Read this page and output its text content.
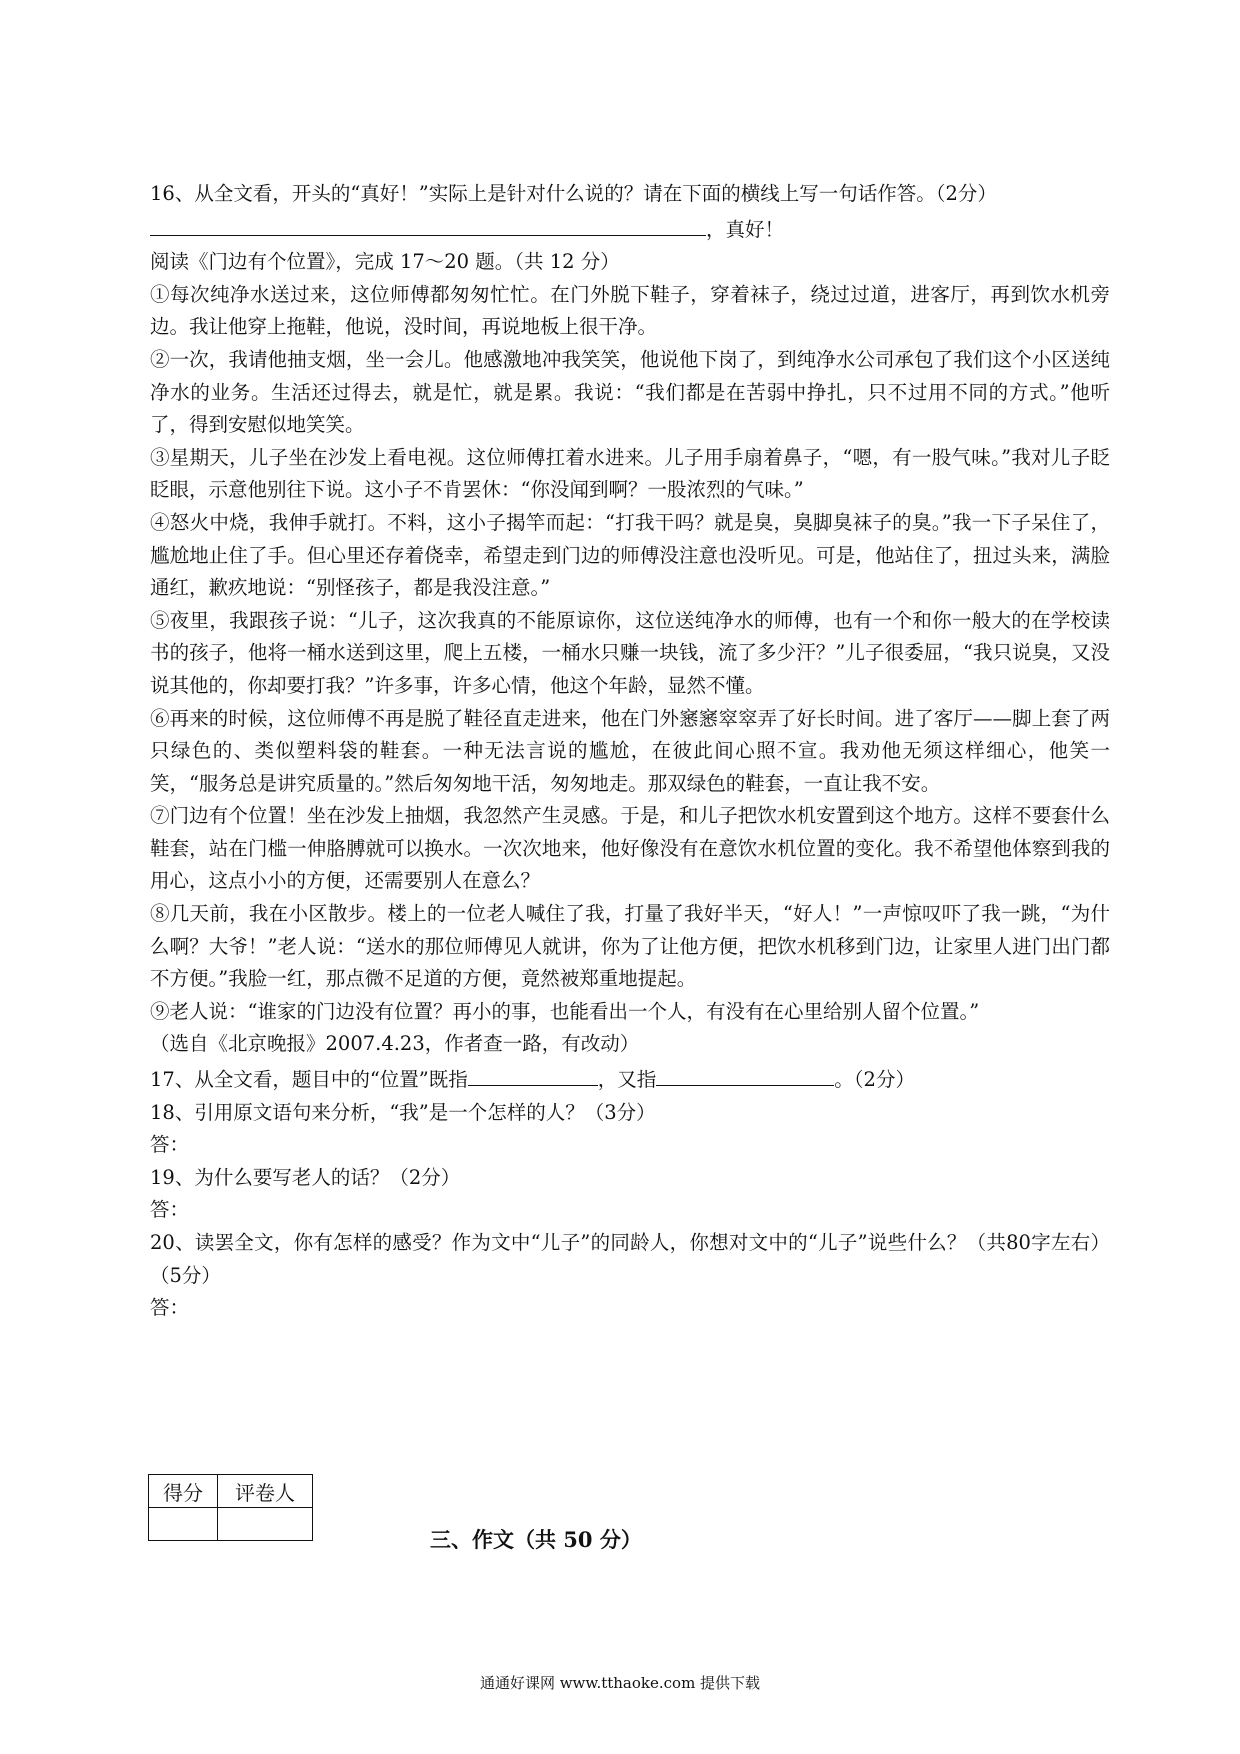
16、从全文看，开头的“真好！”实际上是针对什么说的？请在下面的横线上写一句话作答。（2分）
，真好！
阅读《门边有个位置》，完成 17～20 题。（共 12 分）
①每次纯净水送过来，这位师傅都匆匆忙忙。在门外脱下鞋子，穿着袜子，绕过过道，进客厅，再到饮水机旁边。我让他穿上拖鞋，他说，没时间，再说地板上很干净。
②一次，我请他抽支烟，坐一会儿。他感激地冲我笑笑，他说他下岗了，到纯净水公司承包了我们这个小区送纯净水的业务。生活还过得去，就是忙，就是累。我说：“我们都是在苦弱中挣扎，只不过用不同的方式。”他听了，得到安慰似地笑笑。
③星期天，儿子坐在沙发上看电视。这位师傅扛着水进来。儿子用手扇着鼻子，“嗯，有一股气味。”我对儿子眨眨眼，示意他别往下说。这小子不肯罢休：“你没闻到啊？一股浓烈的气味。”
④怒火中烧，我伸手就打。不料，这小子揭竿而起：“打我干吗？就是臭，臭脚臭袜子的臭。”我一下子呆住了，尴尬地止住了手。但心里还存着侥幸，希望走到门边的师傅没注意也没听见。可是，他站住了，扭过头来，满脸通红，歉疚地说：“别怪孩子，都是我没注意。”
⑤夜里，我跟孩子说：“儿子，这次我真的不能原谅你，这位送纯净水的师傅，也有一个和你一般大的在学校读书的孩子，他将一桶水送到这里，爬上五楼，一桶水只赚一块钱，流了多少汗？”儿子很委屈，“我只说臭，又没说其他的，你却要打我？”许多事，许多心情，他这个年龄，显然不懂。
⑥再来的时候，这位师傅不再是脱了鞋径直走进来，他在门外窸窸窣窣弄了好长时间。进了客厅——脚上套了两只绿色的、类似塑料袋的鞋套。一种无法言说的尴尬，在彼此间心照不宣。我劝他无须这样细心，他笑一笑，“服务总是讲究质量的。”然后匆匆地干活，匆匆地走。那双绿色的鞋套，一直让我不安。
⑦门边有个位置！坐在沙发上抽烟，我忽然产生灵感。于是，和儿子把饮水机安置到这个地方。这样不要套什么鞋套，站在门槛一伸胳膊就可以换水。一次次地来，他好像没有在意饮水机位置的变化。我不希望他体察到我的用心，这点小小的方便，还需要别人在意么？
⑧几天前，我在小区散步。楼上的一位老人喊住了我，打量了我好半天，“好人！”一声惊叹吓了我一跳，“为什么啊？大爷！”老人说：“送水的那位师傅见人就讲，你为了让他方便，把饮水机移到门边，让家里人进门出门都不方便。”我脸一红，那点微不足道的方便，竟然被郑重地提起。
⑨老人说：“谁家的门边没有位置？再小的事，也能看出一个人，有没有在心里给别人留个位置。”
（选自《北京晚报》2007.4.23，作者查一路，有改动）
17、从全文看，题目中的“位置”既指	，又指	。（2分）
18、引用原文语句来分析，“我”是一个怎样的人？（3分）
答：
19、为什么要写老人的话？（2分）
答：
20、读罢全文，你有怎样的感受？作为文中“儿子”的同龄人，你想对文中的“儿子”说些什么？（共80字左右）（5分）
答：
得分	评卷人

三、作文（共 50 分）
通通好课网 www.tthaoke.com 提供下载
